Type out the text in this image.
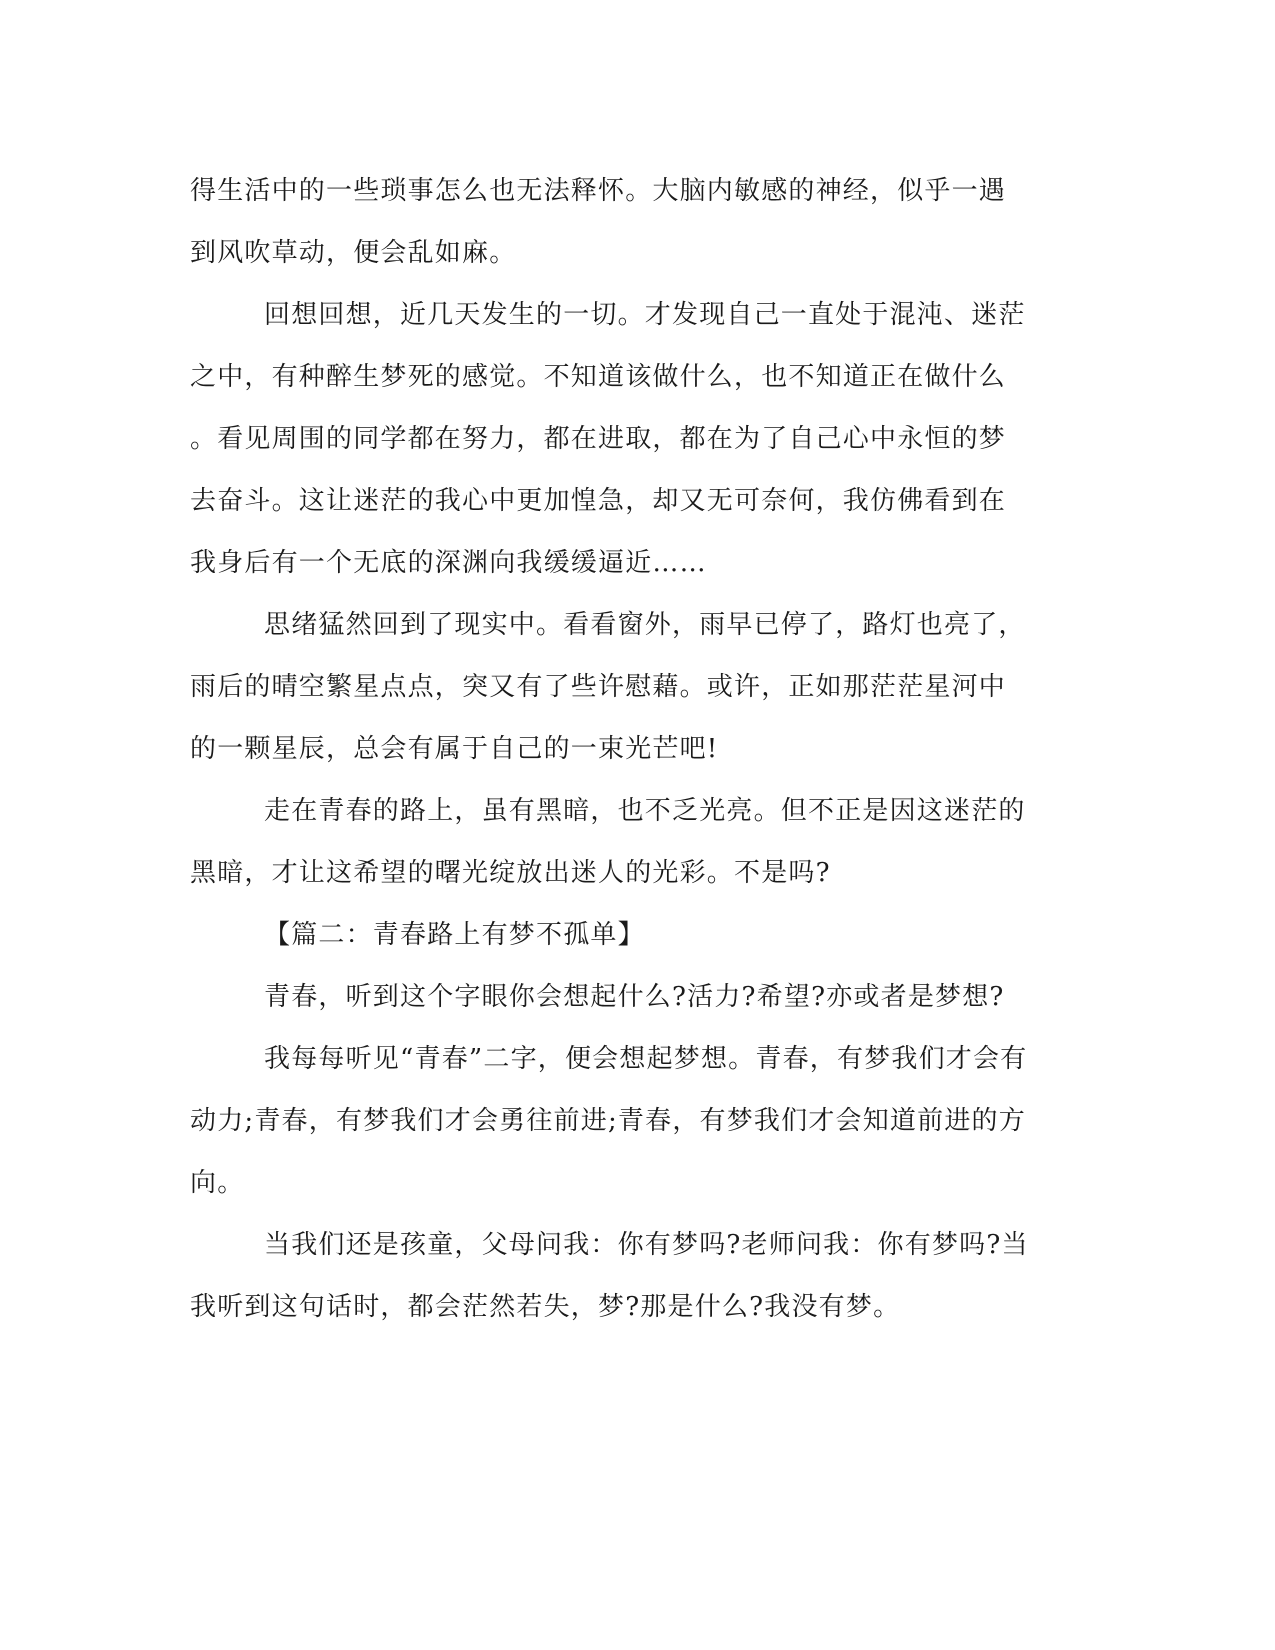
得生活中的一些琐事怎么也无法释怀。大脑内敏感的神经，似乎一遇
到风吹草动，便会乱如麻。
回想回想，近几天发生的一切。才发现自己一直处于混沌、迷茫
之中，有种醉生梦死的感觉。不知道该做什么，也不知道正在做什么
。看见周围的同学都在努力，都在进取，都在为了自己心中永恒的梦
去奋斗。这让迷茫的我心中更加惶急，却又无可奈何，我仿佛看到在
我身后有一个无底的深渊向我缓缓逼近……
思绪猛然回到了现实中。看看窗外，雨早已停了，路灯也亮了，
雨后的晴空繁星点点，突又有了些许慰藉。或许，正如那茫茫星河中
的一颗星辰，总会有属于自己的一束光芒吧!
走在青春的路上，虽有黑暗，也不乏光亮。但不正是因这迷茫的
黑暗，才让这希望的曙光绽放出迷人的光彩。不是吗?
【篇二：青春路上有梦不孤单】
青春，听到这个字眼你会想起什么?活力?希望?亦或者是梦想?
我每每听见“青春”二字，便会想起梦想。青春，有梦我们才会有
动力;青春，有梦我们才会勇往前进;青春，有梦我们才会知道前进的方
向。
当我们还是孩童，父母问我：你有梦吗?老师问我：你有梦吗?当
我听到这句话时，都会茫然若失，梦?那是什么?我没有梦。
